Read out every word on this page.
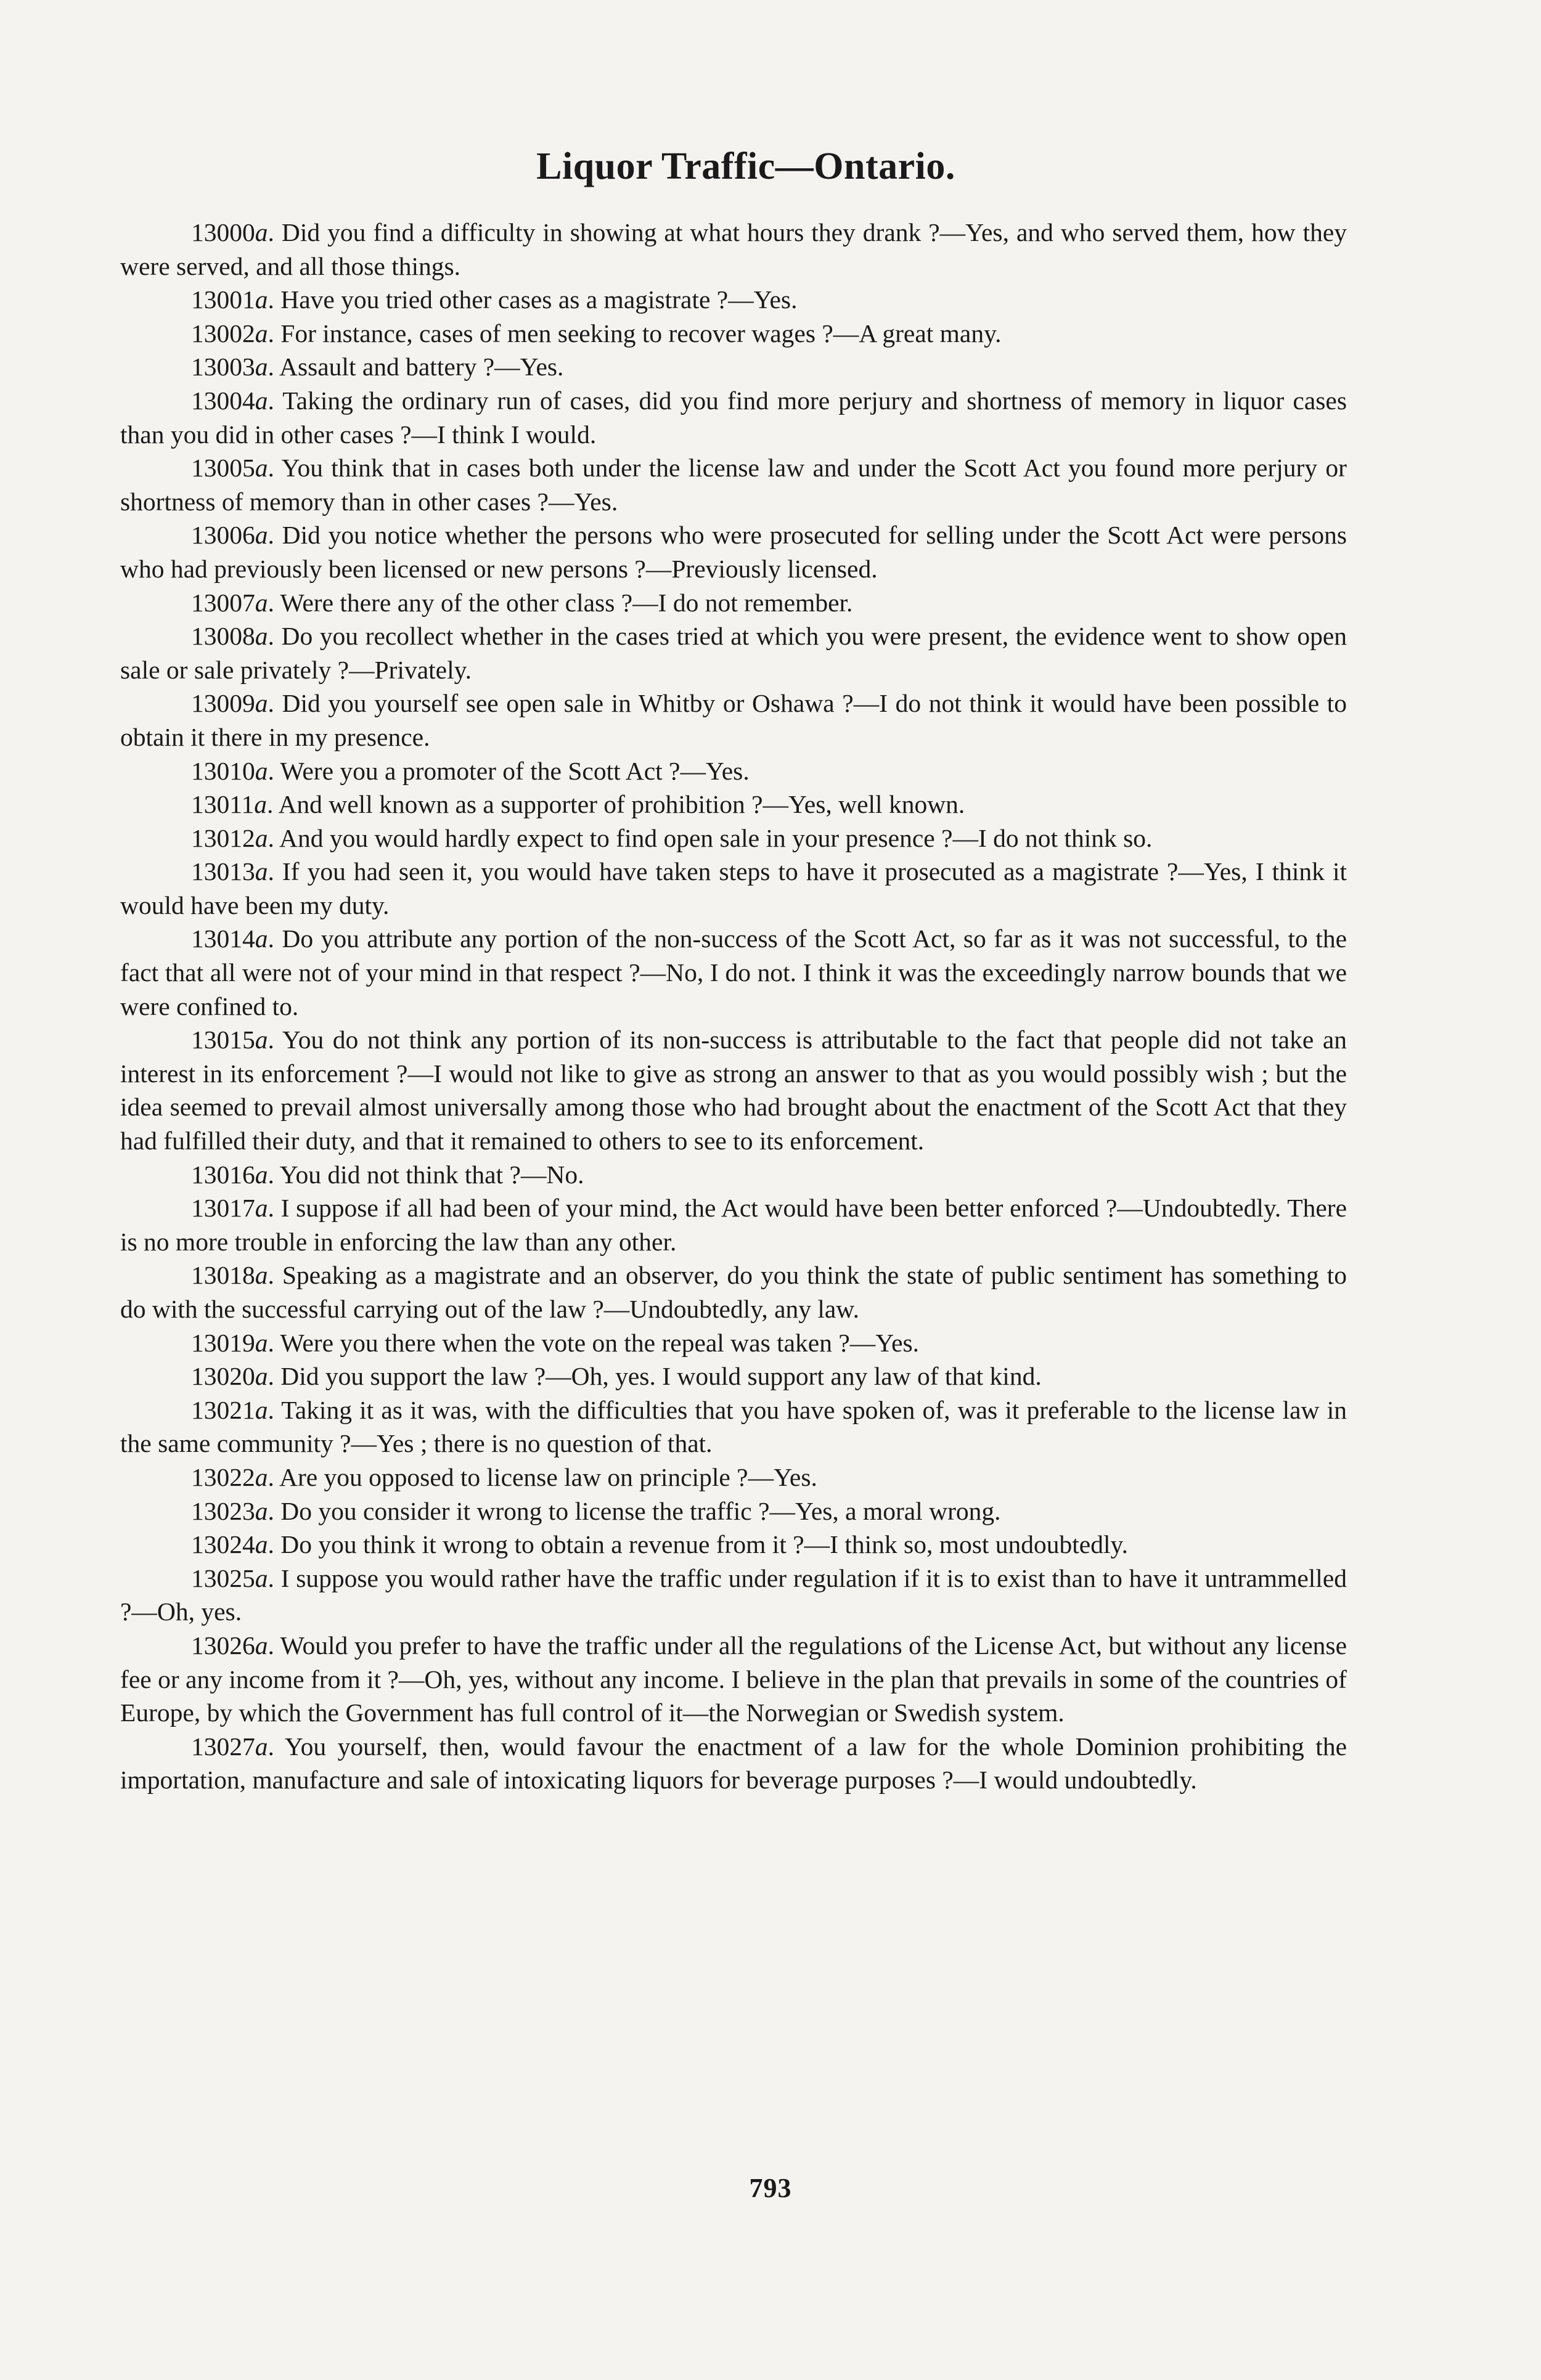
Liquor Traffic—Ontario.

13000a. Did you find a difficulty in showing at what hours they drank ?—Yes, and who served them, how they were served, and all those things.

13001a. Have you tried other cases as a magistrate ?—Yes.

13002a. For instance, cases of men seeking to recover wages ?—A great many.

13003a. Assault and battery ?—Yes.

13004a. Taking the ordinary run of cases, did you find more perjury and shortness of memory in liquor cases than you did in other cases ?—I think I would.

13005a. You think that in cases both under the license law and under the Scott Act you found more perjury or shortness of memory than in other cases ?—Yes.

13006a. Did you notice whether the persons who were prosecuted for selling under the Scott Act were persons who had previously been licensed or new persons ?—Previously licensed.

13007a. Were there any of the other class ?—I do not remember.

13008a. Do you recollect whether in the cases tried at which you were present, the evidence went to show open sale or sale privately ?—Privately.

13009a. Did you yourself see open sale in Whitby or Oshawa ?—I do not think it would have been possible to obtain it there in my presence.

13010a. Were you a promoter of the Scott Act ?—Yes.

13011a. And well known as a supporter of prohibition ?—Yes, well known.

13012a. And you would hardly expect to find open sale in your presence ?—I do not think so.

13013a. If you had seen it, you would have taken steps to have it prosecuted as a magistrate ?—Yes, I think it would have been my duty.

13014a. Do you attribute any portion of the non-success of the Scott Act, so far as it was not successful, to the fact that all were not of your mind in that respect ?—No, I do not. I think it was the exceedingly narrow bounds that we were confined to.

13015a. You do not think any portion of its non-success is attributable to the fact that people did not take an interest in its enforcement ?—I would not like to give as strong an answer to that as you would possibly wish ; but the idea seemed to prevail almost universally among those who had brought about the enactment of the Scott Act that they had fulfilled their duty, and that it remained to others to see to its enforcement.

13016a. You did not think that ?—No.

13017a. I suppose if all had been of your mind, the Act would have been better enforced ?—Undoubtedly. There is no more trouble in enforcing the law than any other.

13018a. Speaking as a magistrate and an observer, do you think the state of public sentiment has something to do with the successful carrying out of the law ?—Undoubtedly, any law.

13019a. Were you there when the vote on the repeal was taken ?—Yes.

13020a. Did you support the law ?—Oh, yes. I would support any law of that kind.

13021a. Taking it as it was, with the difficulties that you have spoken of, was it preferable to the license law in the same community ?—Yes ; there is no question of that.

13022a. Are you opposed to license law on principle ?—Yes.

13023a. Do you consider it wrong to license the traffic ?—Yes, a moral wrong.

13024a. Do you think it wrong to obtain a revenue from it ?—I think so, most undoubtedly.

13025a. I suppose you would rather have the traffic under regulation if it is to exist than to have it untrammelled ?—Oh, yes.

13026a. Would you prefer to have the traffic under all the regulations of the License Act, but without any license fee or any income from it ?—Oh, yes, without any income. I believe in the plan that prevails in some of the countries of Europe, by which the Government has full control of it—the Norwegian or Swedish system.

13027a. You yourself, then, would favour the enactment of a law for the whole Dominion prohibiting the importation, manufacture and sale of intoxicating liquors for beverage purposes ?—I would undoubtedly.

793
